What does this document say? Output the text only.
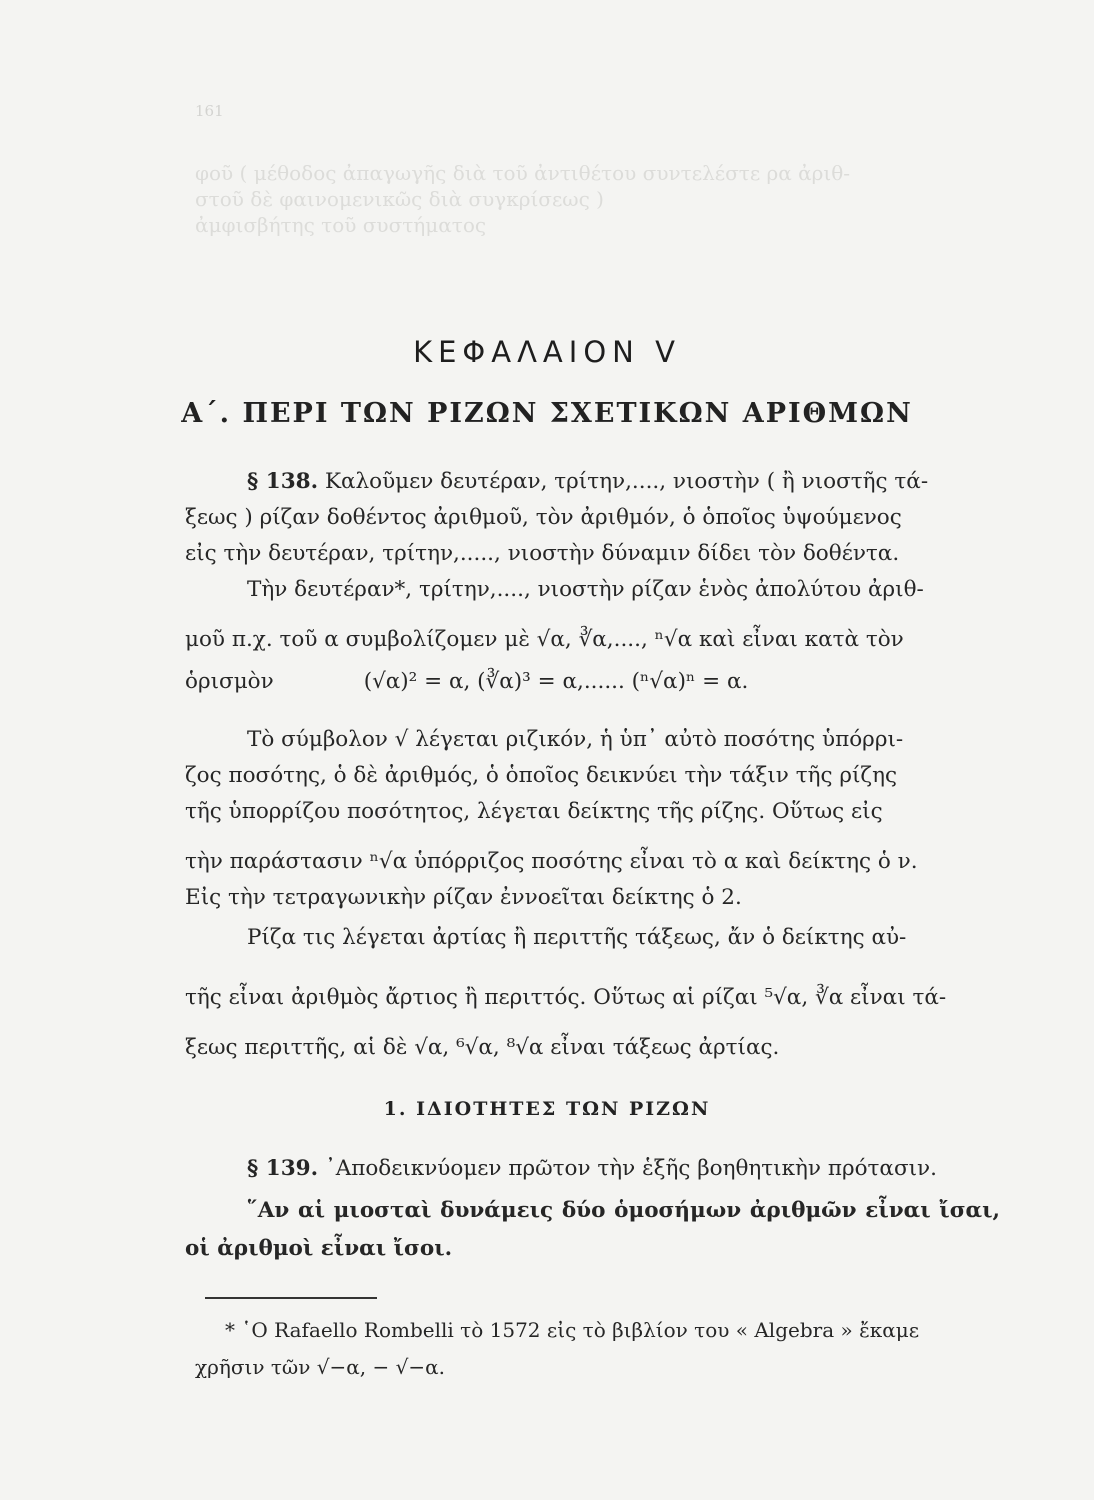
161

φοῦ ( μέθοδος ἀπαγωγῆς διὰ τοῦ ἀντιθέτου συντελέστε ρα ἀριθ-

στοῦ δὲ φαινομενικῶς διὰ συγκρίσεως )

ἀμφισβήτης τοῦ συστήματος

ΚΕΦΑΛΑΙΟΝ V
Α΄. ΠΕΡΙ ΤΩΝ ΡΙΖΩΝ ΣΧΕΤΙΚΩΝ ΑΡΙΘΜΩΝ

§ 138. Καλοῦμεν δευτέραν, τρίτην,...., νιοστὴν ( ἢ νιοστῆς τά-

ξεως ) ρίζαν δοθέντος ἀριθμοῦ, τὸν ἀριθμόν, ὁ ὁποῖος ὑψούμενος

εἰς τὴν δευτέραν, τρίτην,....., νιοστὴν δύναμιν δίδει τὸν δοθέντα.

Τὴν δευτέραν*, τρίτην,...., νιοστὴν ρίζαν ἑνὸς ἀπολύτου ἀριθ-

μοῦ π.χ. τοῦ α συμβολίζομεν μὲ √α, ∛α,...., ⁿ√α καὶ εἶναι κατὰ τὸν

ὁρισμὸν	(√α)² = α, (∛α)³ = α,...... (ⁿ√α)ⁿ = α.

Τὸ σύμβολον √ λέγεται ριζικόν, ἡ ὑπ᾽ αὐτὸ ποσότης ὑπόρρι-

ζος ποσότης, ὁ δὲ ἀριθμός, ὁ ὁποῖος δεικνύει τὴν τάξιν τῆς ρίζης

τῆς ὑπορρίζου ποσότητος, λέγεται δείκτης τῆς ρίζης. Οὕτως εἰς

τὴν παράστασιν ⁿ√α ὑπόρριζος ποσότης εἶναι τὸ α καὶ δείκτης ὁ ν.

Εἰς τὴν τετραγωνικὴν ρίζαν ἐννοεῖται δείκτης ὁ 2.

Ρίζα τις λέγεται ἀρτίας ἢ περιττῆς τάξεως, ἄν ὁ δείκτης αὐ-

τῆς εἶναι ἀριθμὸς ἄρτιος ἢ περιττός. Οὕτως αἱ ρίζαι ⁵√α, ∛α εἶναι τά-

ξεως περιττῆς, αἱ δὲ √α, ⁶√α, ⁸√α εἶναι τάξεως ἀρτίας.

1. ΙΔΙΟΤΗΤΕΣ ΤΩΝ ΡΙΖΩΝ

§ 139. ᾿Αποδεικνύομεν πρῶτον τὴν ἑξῆς βοηθητικὴν πρότασιν.

῞Αν αἱ μιοσταὶ δυνάμεις δύο ὁμοσήμων ἀριθμῶν εἶναι ἴσαι, οἱ ἀριθμοὶ εἶναι ἴσοι.

* ῾Ο Rafaello Rombelli τὸ 1572 εἰς τὸ βιβλίον του « Algebra » ἔκαμε

χρῆσιν τῶν √−α, − √−α.
